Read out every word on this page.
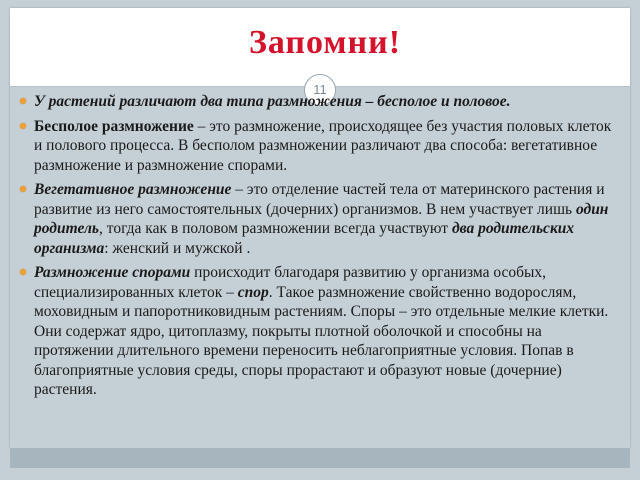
Запомни!
11
У растений различают два типа размножения – бесполое и половое.
Бесполое размножение – это размножение, происходящее без участия половых клеток и полового процесса. В бесполом размножении различают два способа: вегетативное размножение и размножение спорами.
Вегетативное размножение – это отделение частей тела от материнского растения и развитие из него самостоятельных (дочерних) организмов. В нем участвует лишь один родитель, тогда как в половом размножении всегда участвуют два родительских организма: женский и мужской .
Размножение спорами происходит благодаря развитию у организма особых, специализированных клеток – спор. Такое размножение свойственно водорослям, моховидным и папоротниковидным растениям. Споры – это отдельные мелкие клетки. Они содержат ядро, цитоплазму, покрыты плотной оболочкой и способны на протяжении длительного времени переносить неблагоприятные условия. Попав в благоприятные условия среды, споры прорастают и образуют новые (дочерние) растения.
